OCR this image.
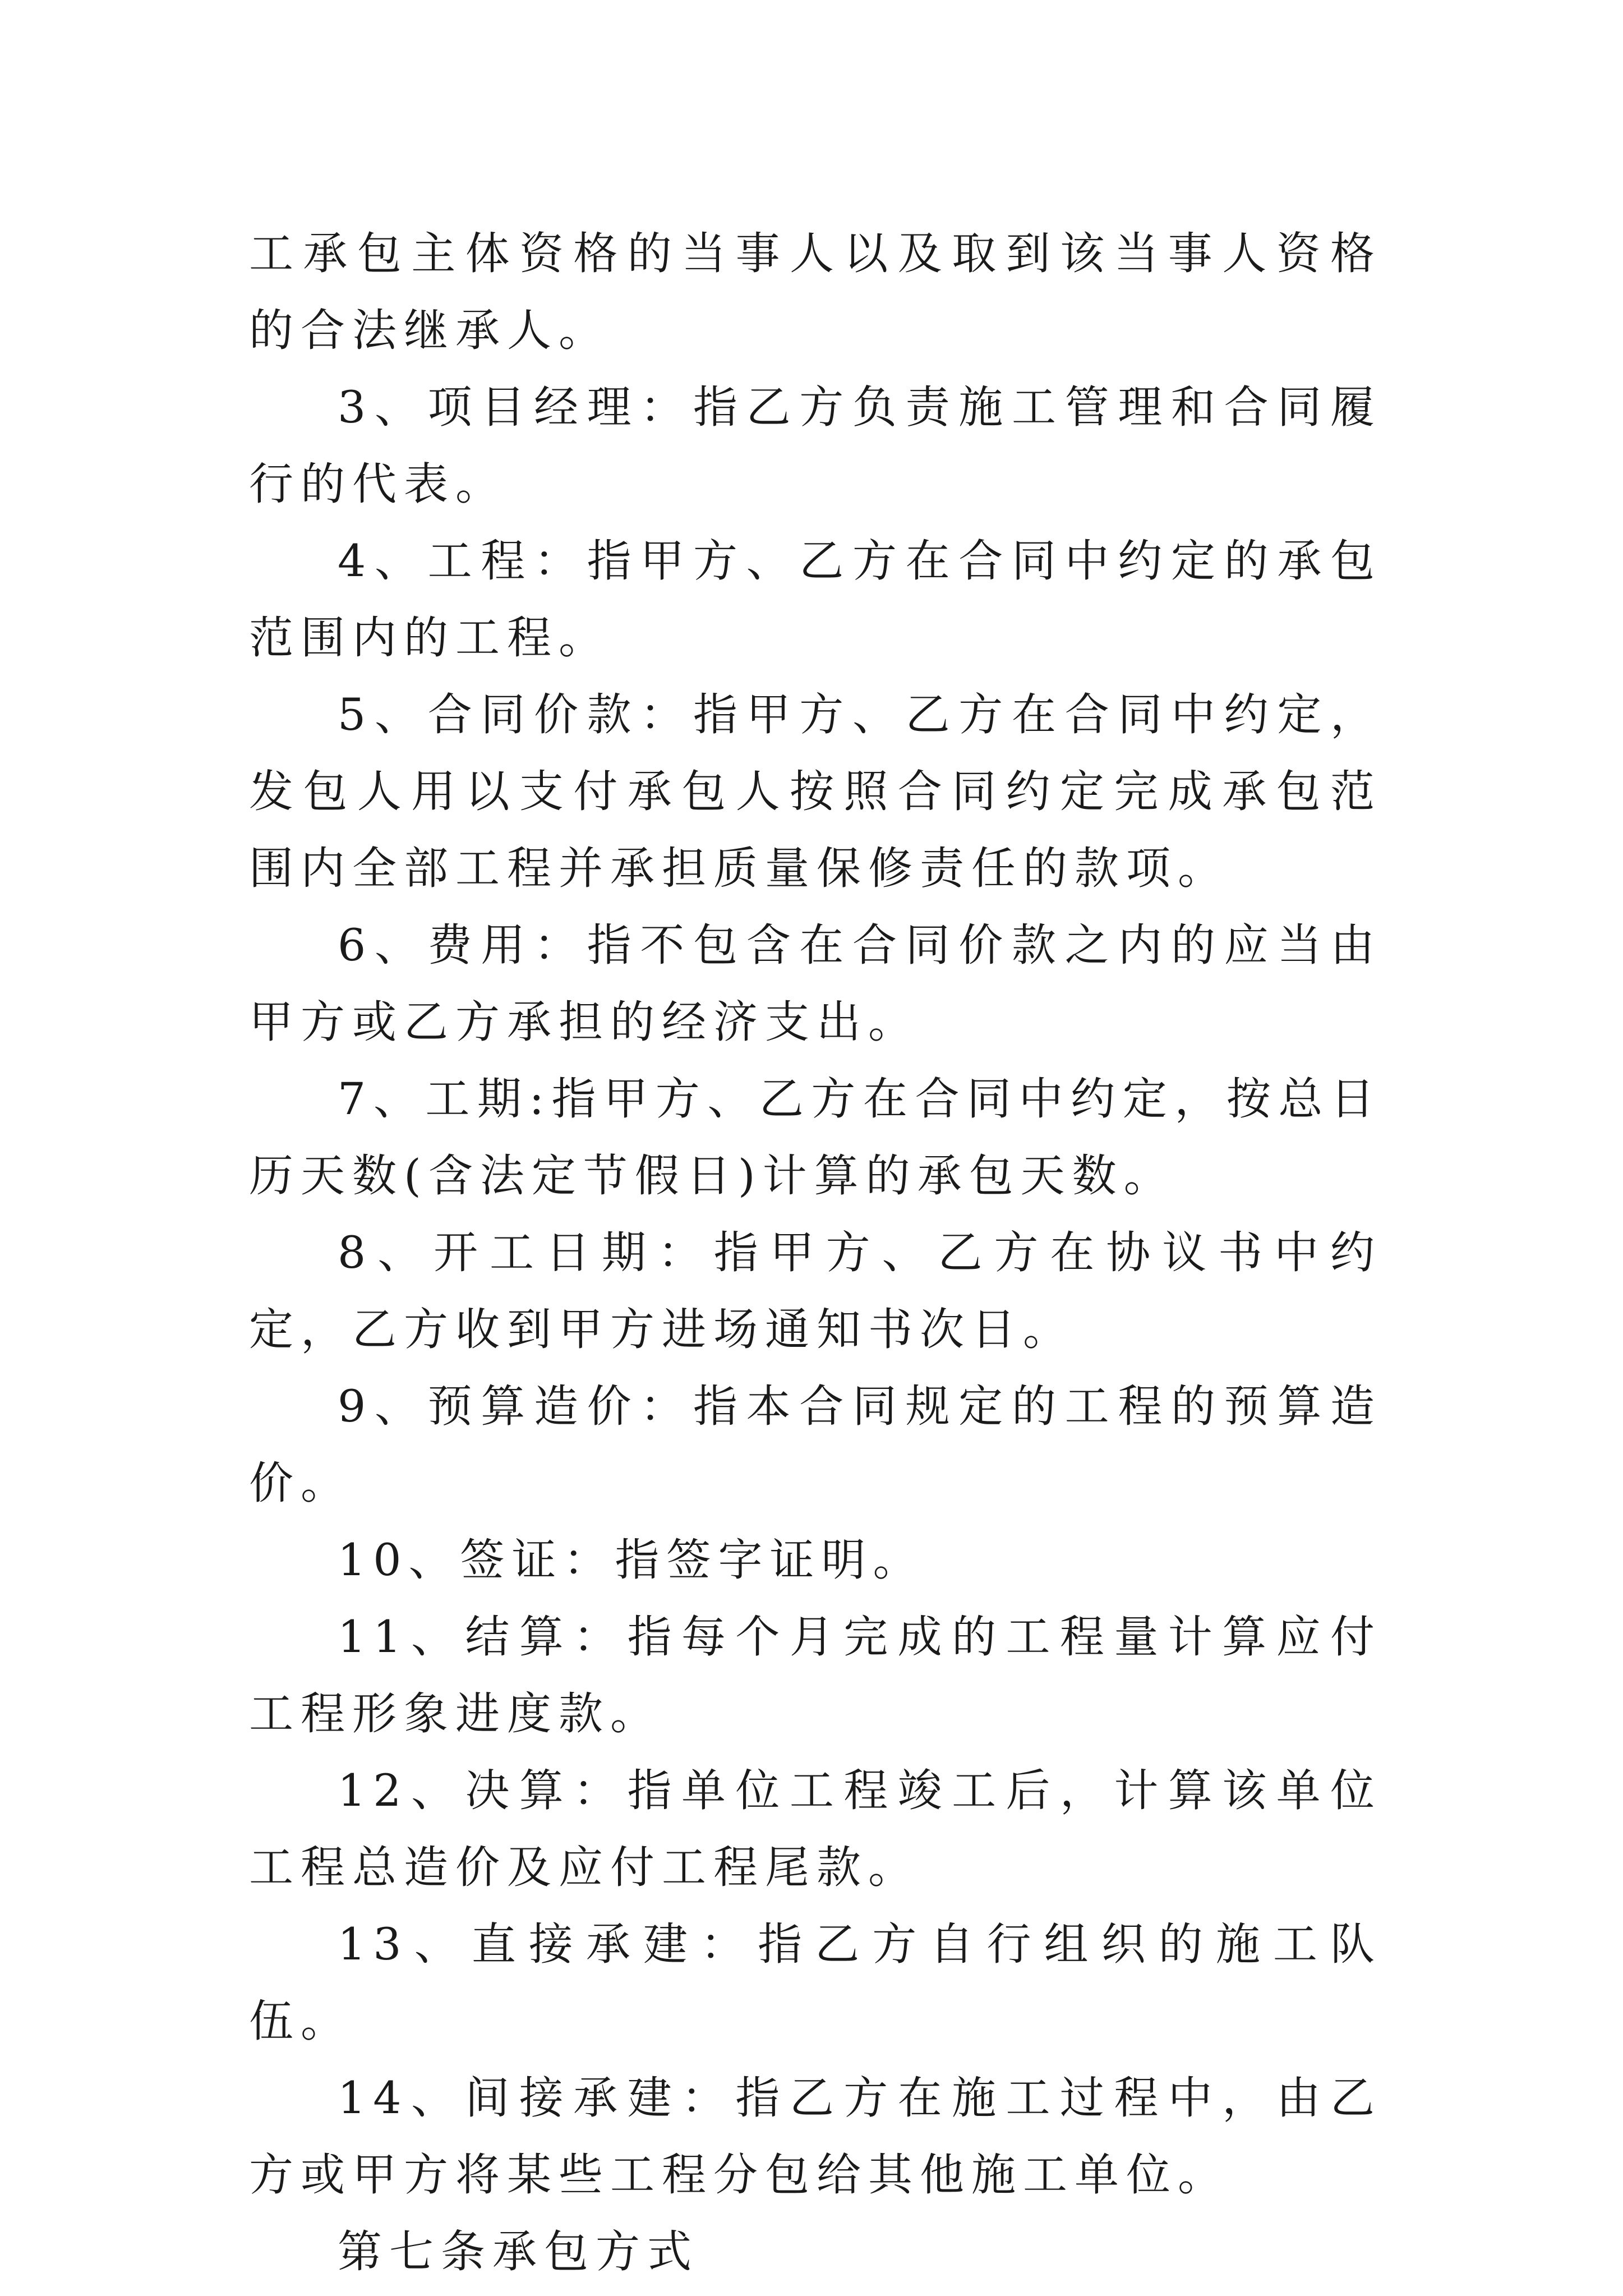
工承包主体资格的当事人以及取到该当事人资格的合法继承人。

3、项目经理：指乙方负责施工管理和合同履行的代表。

4、工程：指甲方、乙方在合同中约定的承包范围内的工程。

5、合同价款：指甲方、乙方在合同中约定，发包人用以支付承包人按照合同约定完成承包范围内全部工程并承担质量保修责任的款项。

6、费用：指不包含在合同价款之内的应当由甲方或乙方承担的经济支出。

7、工期:指甲方、乙方在合同中约定，按总日历天数(含法定节假日)计算的承包天数。

8、开工日期：指甲方、乙方在协议书中约定，乙方收到甲方进场通知书次日。

9、预算造价：指本合同规定的工程的预算造价。

10、签证：指签字证明。

11、结算：指每个月完成的工程量计算应付工程形象进度款。

12、决算：指单位工程竣工后，计算该单位工程总造价及应付工程尾款。

13、直接承建：指乙方自行组织的施工队伍。

14、间接承建：指乙方在施工过程中，由乙方或甲方将某些工程分包给其他施工单位。

第七条承包方式
